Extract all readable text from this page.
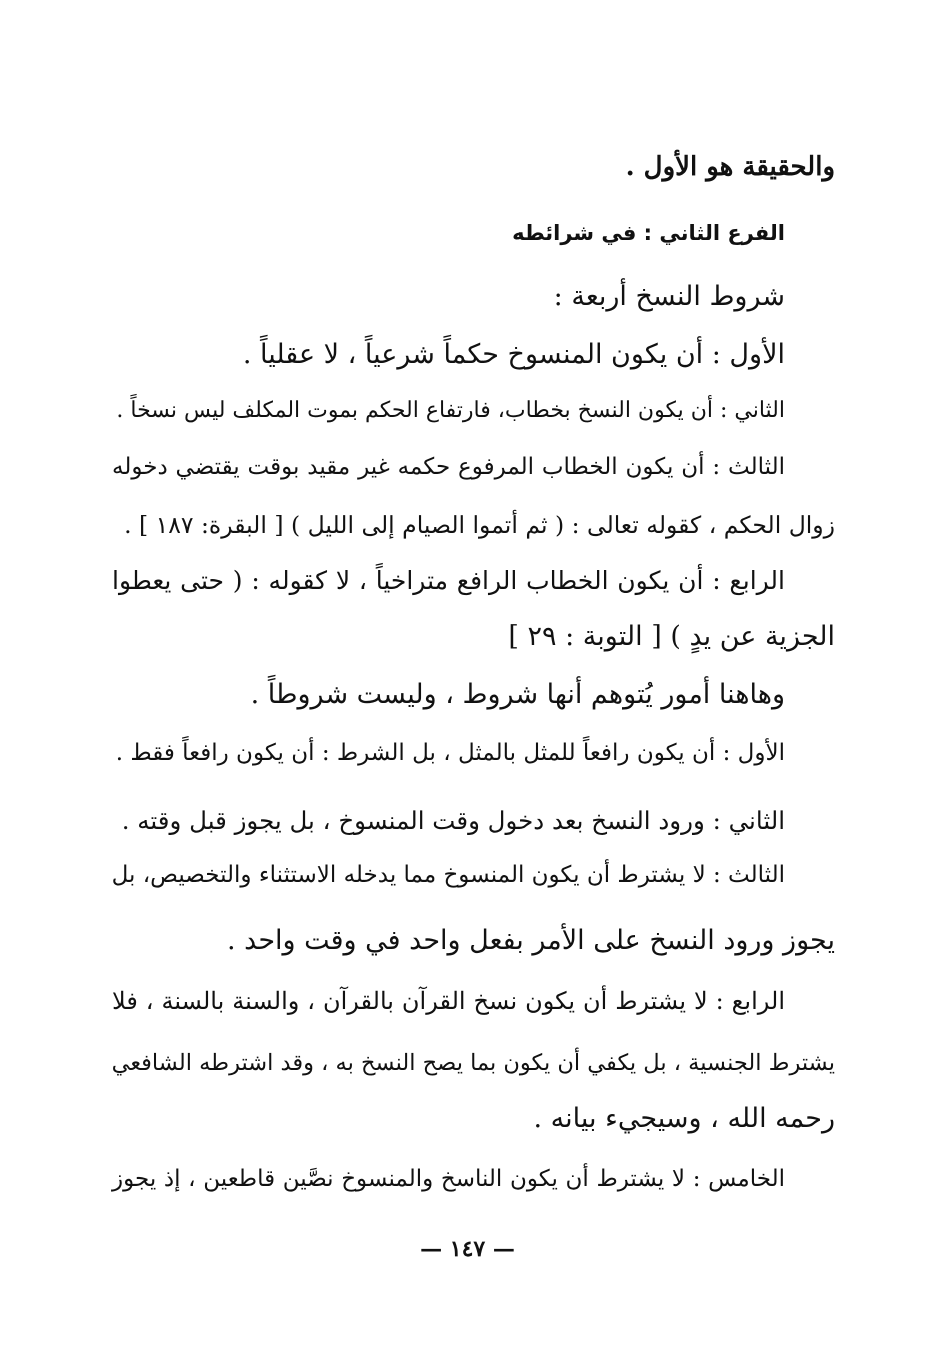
والحقيقة هو الأول .
الفرع الثاني : في شرائطه
شروط النسخ أربعة :
الأول : أن يكون المنسوخ حكماً شرعياً ، لا عقلياً .
الثاني : أن يكون النسخ بخطاب، فارتفاع الحكم بموت المكلف ليس نسخاً .
الثالث : أن يكون الخطاب المرفوع حكمه غير مقيد بوقت يقتضي دخوله
زوال الحكم ، كقوله تعالى : ( ثم أتموا الصيام إلى الليل ) [ البقرة: ١٨٧ ] .
الرابع : أن يكون الخطاب الرافع متراخياً ، لا كقوله : ( حتى يعطوا
الجزية عن يدٍ ) [ التوبة : ٢٩ ]
وهاهنا أمور يُتوهم أنها شروط ، وليست شروطاً .
الأول : أن يكون رافعاً للمثل بالمثل ، بل الشرط : أن يكون رافعاً فقط .
الثاني : ورود النسخ بعد دخول وقت المنسوخ ، بل يجوز قبل وقته .
الثالث : لا يشترط أن يكون المنسوخ مما يدخله الاستثناء والتخصيص، بل
يجوز ورود النسخ على الأمر بفعل واحد في وقت واحد .
الرابع : لا يشترط أن يكون نسخ القرآن بالقرآن ، والسنة بالسنة ، فلا
يشترط الجنسية ، بل يكفي أن يكون بما يصح النسخ به ، وقد اشترطه الشافعي
رحمه الله ، وسيجيء بيانه .
الخامس : لا يشترط أن يكون الناسخ والمنسوخ نصَّين قاطعين ، إذ يجوز
— ١٤٧ —
